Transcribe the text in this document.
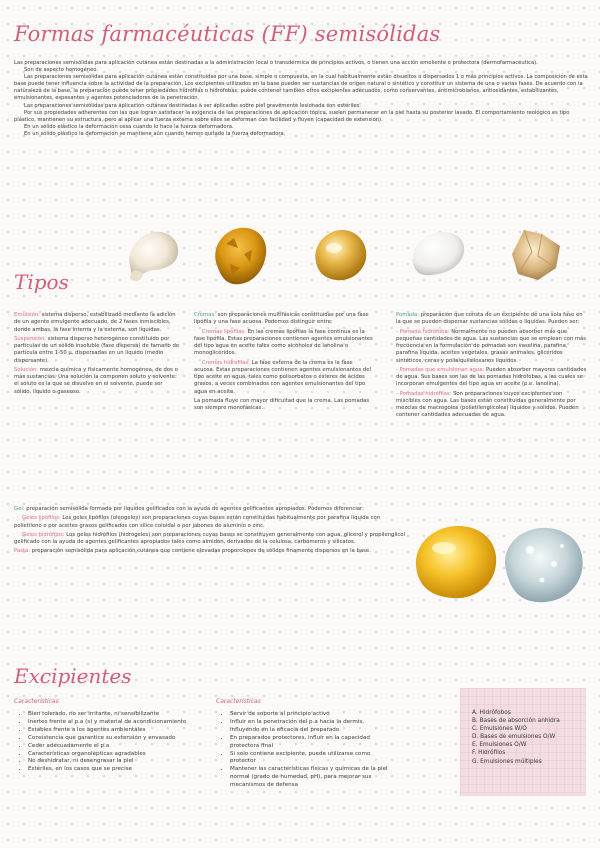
Formas farmacéuticas (FF) semisólidas

Las preparaciones semisólidas para aplicación cutánea están destinadas a la administración local o transdérmica de principios activos, o tienen una acción emoliente o protectora (dermofarmacéutica).

Son de aspecto homogéneo.

Las preparaciones semisólidas para aplicación cutánea están constituidas por una base, simple o compuesta, en la cual habitualmente están disueltos o dispersados 1 o más principios activos. La composición de esta base puede tener influencia sobre la actividad de la preparación. Los excipientes utilizados en la base pueden ser sustancias de origen natural o sintético y constituir un sistema de una o varias fases. De acuerdo con la naturaleza de la base, la preparación puede tener propiedades hidrófilas o hidrófobas; puede contener también otros excipientes adecuados, como conservantes, antimicrobianos, antioxidantes, estabilizantes, emulsionantes, espesantes y agentes potenciadores de la penetración.

Las preparaciones semisólidas para aplicación cutánea destinadas a ser aplicadas sobre piel gravemente lesionada son estériles.

Por sus propiedades adherentes con las que logran satisfacer la exigencia de las preparaciones de aplicación tópica, suelen permanecer en la piel hasta su posterior lavado. El comportamiento reológico es tipo plástico, mantienen su estructura, pero al aplicar una fuerza externa sobre ellos se deforman con facilidad y fluyen (capacidad de extensión).

En un sólido elástico la deformación cesa cuando lo hace la fuerza deformadora.

En un sólido plástico la deformación se mantiene aún cuando hemos quitado la fuerza deformadora.

Tipos

Emulsión: sistema disperso, estabilizado mediante la adición de un agente emulgente adecuado, de 2 fases inmiscibles, donde ambas, la fase interna y la externa, son líquidas.

Suspensión: sistema disperso heterogéneo constituido por partículas de un sólido insoluble (fase dispersa) de tamaño de partícula entre 1-50 µ, dispersadas en un líquido (medio dispersante).

Solución: mezcla química y físicamente homogénea, de dos o más sustancias. Una solución la componen soluto y solvente: el soluto es la que se disuelve en el solvente, puede ser sólido, líquido o gaseoso.

Cremas: son preparaciones multifásicas constituidas por una fase lipófila y una fase acuosa. Podemos distinguir entre:

Cremas lipófilas: En las cremas lipófilas la fase continua es la fase lipófila. Estas preparaciones contienen agentes emulsionantes del tipo agua en aceite tales como alcoholes de lanolina o monoglicéridos.

Cremas hidrófilas: La fase externa de la crema es la fase acuosa. Estas preparaciones contienen agentes emulsionantes del tipo aceite en agua, tales como polisorbatos o ésteres de ácidos grasos, a veces combinados con agentes emulsionantes del tipo agua en aceite.

La pomada fluye con mayor dificultad que la crema. Las pomadas son siempre monofásicas.

Pomada: preparación que consta de un excipiente de una sola fase en la que se pueden dispersar sustancias sólidas o líquidas. Pueden ser:

- Pomada hidrófoba: Normalmente no pueden absorber más que pequeñas cantidades de agua. Las sustancias que se emplean con más frecuencia en la formulación de pomadas son vaselina, parafina, parafina líquida, aceites vegetales, grasas animales, glicéridos sintéticos, ceras y polialquilsiloxanos líquidos.

- Pomadas que emulsionan agua: Pueden absorber mayores cantidades de agua. Sus bases son las de las pomadas hidrófobas, a las cuales se incorporan emulgentes del tipo agua en aceite (p.e. lanolina).

- Pomadas hidrófilas: Son preparaciones cuyos excipientes son miscibles con agua. Las bases están constituidas generalmente por mezclas de macrogoles (polietilenglicoles) líquidos y sólidos. Pueden contener cantidades adecuadas de agua.

Gel: preparación semisólida formada por líquidos gelificados con la ayuda de agentes gelificantes apropiados. Podemos diferenciar:

Geles lipófilos: Los geles lipófilos (oleogeles) son preparaciones cuyas bases están constituidas habitualmente por parafina líquida con polietileno o por aceites grasos gelificados con sílice coloidal o por jabones de aluminio o zinc.

Geles hidrófilos: Los geles hidrófilos (hidrogeles) son preparaciones cuyas bases se constituyen generalmente con agua, glicerol y propilenglicol gelificado con la ayuda de agentes gelificantes apropiados tales como almidón, derivados de la celulosa, carbómeros y silicatos.

Pasta: preparación semisólida para aplicación cutánea que contiene elevadas proporciones de sólidos finamente dispersos en la base.

Excipientes

Características

• Bien tolerado, no ser irritante, ni sensibilizante
• Inertes frente al p.a (s) y material de acondicionamiento
• Estables frente a los agentes ambientales
• Consistencia que garantice su extensión y envasado
• Ceder adecuadamente el p.a
• Características organolépticas agradables
• No deshidratar, ni desengrasar la piel
• Estériles, en los casos que se precise

Características

• Servir de soporte al principio activo
• Influir en la penetración del p.a hacia la dermis, influyendo en la eficacia del preparado
• En preparados protectores, influir en la capacidad protectora final
• Si solo contiene excipiente, puede utilizarse como protector
• Mantener las características físicas y químicas de la piel normal (grado de humedad, pH), para mejorar sus mecanismos de defensa
A. Hidrófobos
B. Bases de absorción anhidra
C. Emulsiones W/O
D. Bases de emulsiones O/W
E. Emulsiones O/W
F. Hidrófilos
G. Emulsiones múltiples
